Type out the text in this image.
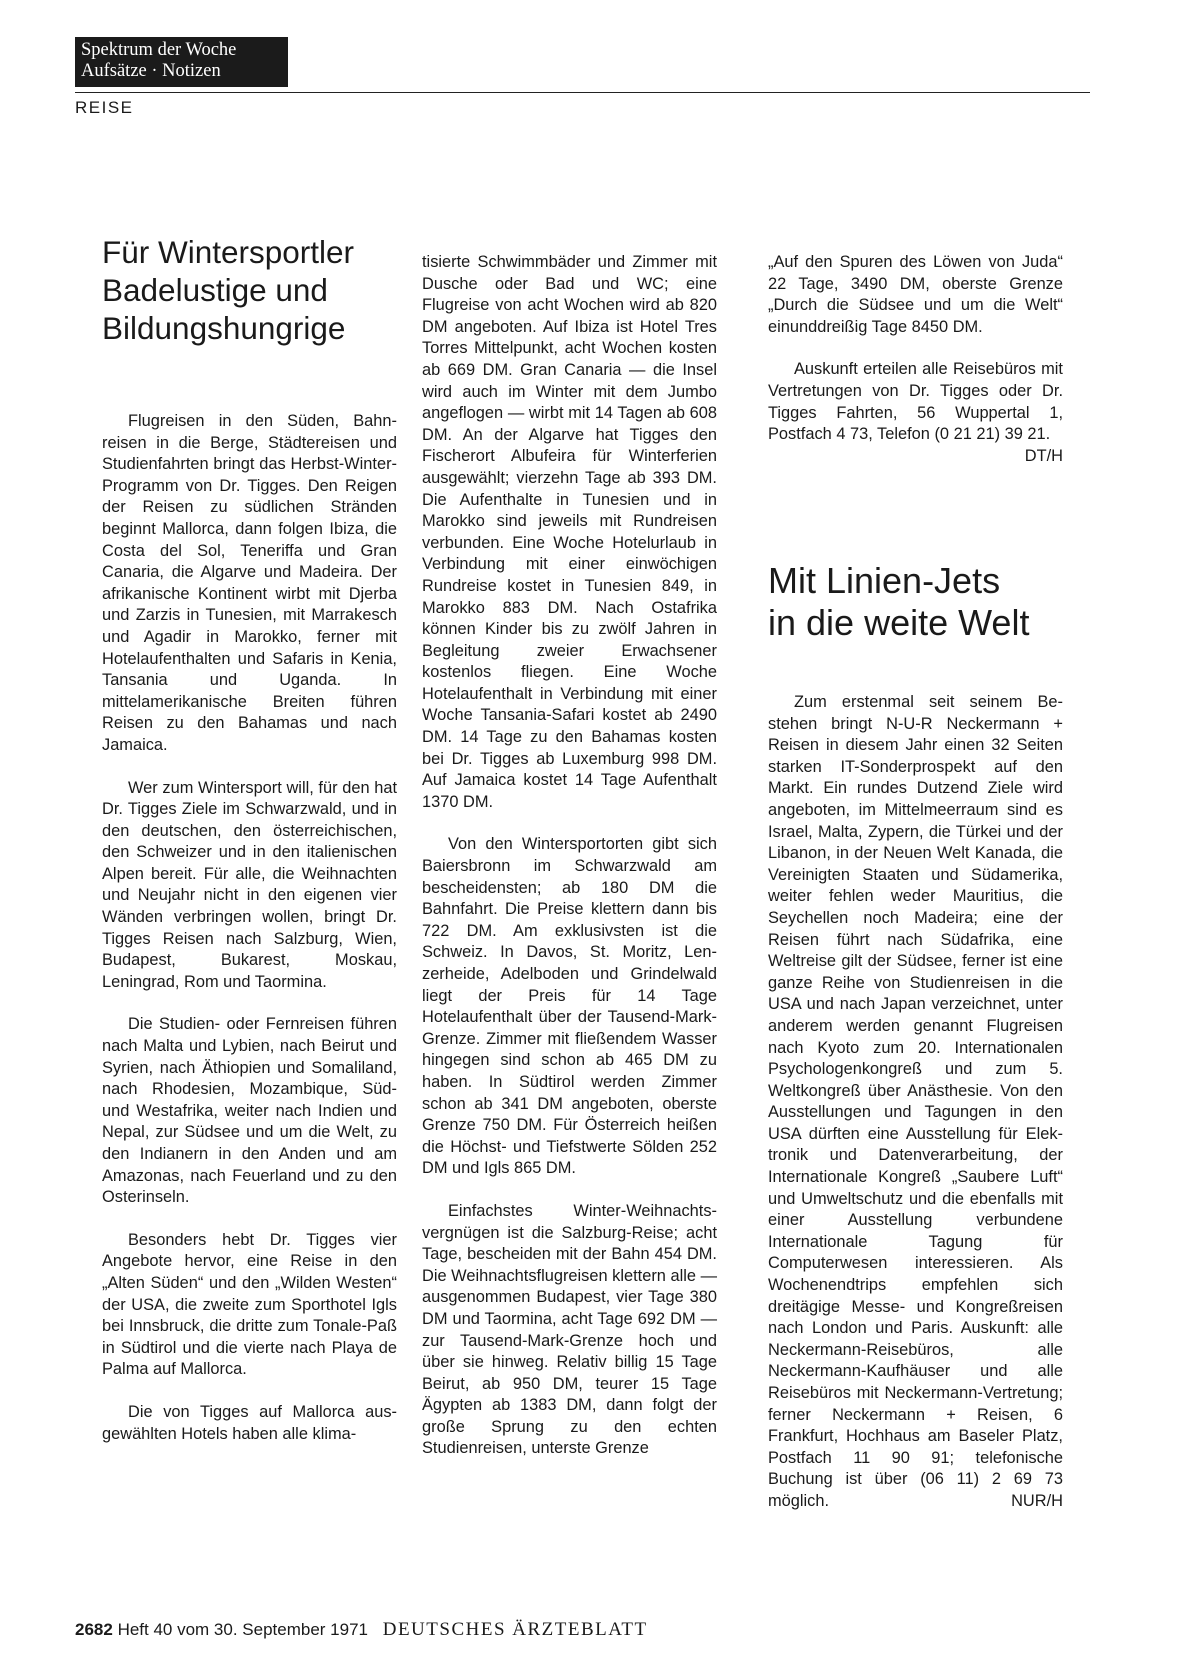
Spektrum der Woche
Aufsätze · Notizen
REISE
Für Wintersportler
Badelustige und
Bildungshungrige

Flugreisen in den Süden, Bahnreisen in die Berge, Städtereisen und Studienfahrten bringt das Herbst-Winter-Programm von Dr. Tigges. Den Reigen der Reisen zu südlichen Stränden beginnt Mallorca, dann folgen Ibiza, die Costa del Sol, Teneriffa und Gran Canaria, die Algarve und Madeira. Der afrikanische Kontinent wirbt mit Djerba und Zarzis in Tunesien, mit Marrakesch und Agadir in Marokko, ferner mit Hotelaufenthalten und Safaris in Kenia, Tansania und Uganda. In mittelamerikanische Breiten führen Reisen zu den Bahamas und nach Jamaica.

Wer zum Wintersport will, für den hat Dr. Tigges Ziele im Schwarzwald, und in den deutschen, den österreichischen, den Schweizer und in den italienischen Alpen bereit. Für alle, die Weihnachten und Neujahr nicht in den eigenen vier Wänden verbringen wollen, bringt Dr. Tigges Reisen nach Salzburg, Wien, Budapest, Bukarest, Moskau, Leningrad, Rom und Taormina.

Die Studien- oder Fernreisen führen nach Malta und Lybien, nach Beirut und Syrien, nach Äthiopien und Somaliland, nach Rhodesien, Mozambique, Süd- und Westafrika, weiter nach Indien und Nepal, zur Südsee und um die Welt, zu den Indianern in den Anden und am Amazonas, nach Feuerland und zu den Osterinseln.

Besonders hebt Dr. Tigges vier Angebote hervor, eine Reise in den „Alten Süden“ und den „Wilden Westen“ der USA, die zweite zum Sporthotel Igls bei Innsbruck, die dritte zum Tonale-Paß in Südtirol und die vierte nach Playa de Palma auf Mallorca.

Die von Tigges auf Mallorca ausgewählten Hotels haben alle klima-

tisierte Schwimmbäder und Zimmer mit Dusche oder Bad und WC; eine Flugreise von acht Wochen wird ab 820 DM angeboten. Auf Ibiza ist Hotel Tres Torres Mittelpunkt, acht Wochen kosten ab 669 DM. Gran Canaria — die Insel wird auch im Winter mit dem Jumbo angeflogen — wirbt mit 14 Tagen ab 608 DM. An der Algarve hat Tigges den Fischerort Albufeira für Winterferien ausgewählt; vierzehn Tage ab 393 DM. Die Aufenthalte in Tunesien und in Marokko sind jeweils mit Rundreisen verbunden. Eine Woche Hotelurlaub in Verbindung mit einer einwöchigen Rundreise kostet in Tunesien 849, in Marokko 883 DM. Nach Ostafrika können Kinder bis zu zwölf Jahren in Begleitung zweier Erwachsener kostenlos fliegen. Eine Woche Hotelaufenthalt in Verbindung mit einer Woche Tansania-Safari kostet ab 2490 DM. 14 Tage zu den Bahamas kosten bei Dr. Tigges ab Luxemburg 998 DM. Auf Jamaica kostet 14 Tage Aufenthalt 1370 DM.

Von den Wintersportorten gibt sich Baiersbronn im Schwarzwald am bescheidensten; ab 180 DM die Bahnfahrt. Die Preise klettern dann bis 722 DM. Am exklusivsten ist die Schweiz. In Davos, St. Moritz, Lenzerheide, Adelboden und Grindelwald liegt der Preis für 14 Tage Hotelaufenthalt über der Tausend-Mark-Grenze. Zimmer mit fließendem Wasser hingegen sind schon ab 465 DM zu haben. In Südtirol werden Zimmer schon ab 341 DM angeboten, oberste Grenze 750 DM. Für Österreich heißen die Höchst- und Tiefstwerte Sölden 252 DM und Igls 865 DM.

Einfachstes Winter-Weihnachtsvergnügen ist die Salzburg-Reise; acht Tage, bescheiden mit der Bahn 454 DM. Die Weihnachtsflugreisen klettern alle — ausgenommen Budapest, vier Tage 380 DM und Taormina, acht Tage 692 DM — zur Tausend-Mark-Grenze hoch und über sie hinweg. Relativ billig 15 Tage Beirut, ab 950 DM, teurer 15 Tage Ägypten ab 1383 DM, dann folgt der große Sprung zu den echten Studienreisen, unterste Grenze

„Auf den Spuren des Löwen von Juda“ 22 Tage, 3490 DM, oberste Grenze „Durch die Südsee und um die Welt“ einunddreißig Tage 8450 DM.

Auskunft erteilen alle Reisebüros mit Vertretungen von Dr. Tigges oder Dr. Tigges Fahrten, 56 Wuppertal 1, Postfach 4 73, Telefon (0 21 21) 39 21.
DT/H

Mit Linien-Jets
in die weite Welt

Zum erstenmal seit seinem Bestehen bringt N-U-R Neckermann + Reisen in diesem Jahr einen 32 Seiten starken IT-Sonderprospekt auf den Markt. Ein rundes Dutzend Ziele wird angeboten, im Mittelmeerraum sind es Israel, Malta, Zypern, die Türkei und der Libanon, in der Neuen Welt Kanada, die Vereinigten Staaten und Südamerika, weiter fehlen weder Mauritius, die Seychellen noch Madeira; eine der Reisen führt nach Südafrika, eine Weltreise gilt der Südsee, ferner ist eine ganze Reihe von Studienreisen in die USA und nach Japan verzeichnet, unter anderem werden genannt Flugreisen nach Kyoto zum 20. Internationalen Psychologenkongreß und zum 5. Weltkongreß über Anästhesie. Von den Ausstellungen und Tagungen in den USA dürften eine Ausstellung für Elektronik und Datenverarbeitung, der Internationale Kongreß „Saubere Luft“ und Umweltschutz und die ebenfalls mit einer Ausstellung verbundene Internationale Tagung für Computerwesen interessieren. Als Wochenendtrips empfehlen sich dreitägige Messe- und Kongreßreisen nach London und Paris. Auskunft: alle Neckermann-Reisebüros, alle Neckermann-Kaufhäuser und alle Reisebüros mit Neckermann-Vertretung; ferner Neckermann + Reisen, 6 Frankfurt, Hochhaus am Baseler Platz, Postfach 11 90 91; telefonische Buchung ist über (06 11) 2 69 73 möglich.	NUR/H

2682 Heft 40 vom 30. September 1971 DEUTSCHES ÄRZTEBLATT
